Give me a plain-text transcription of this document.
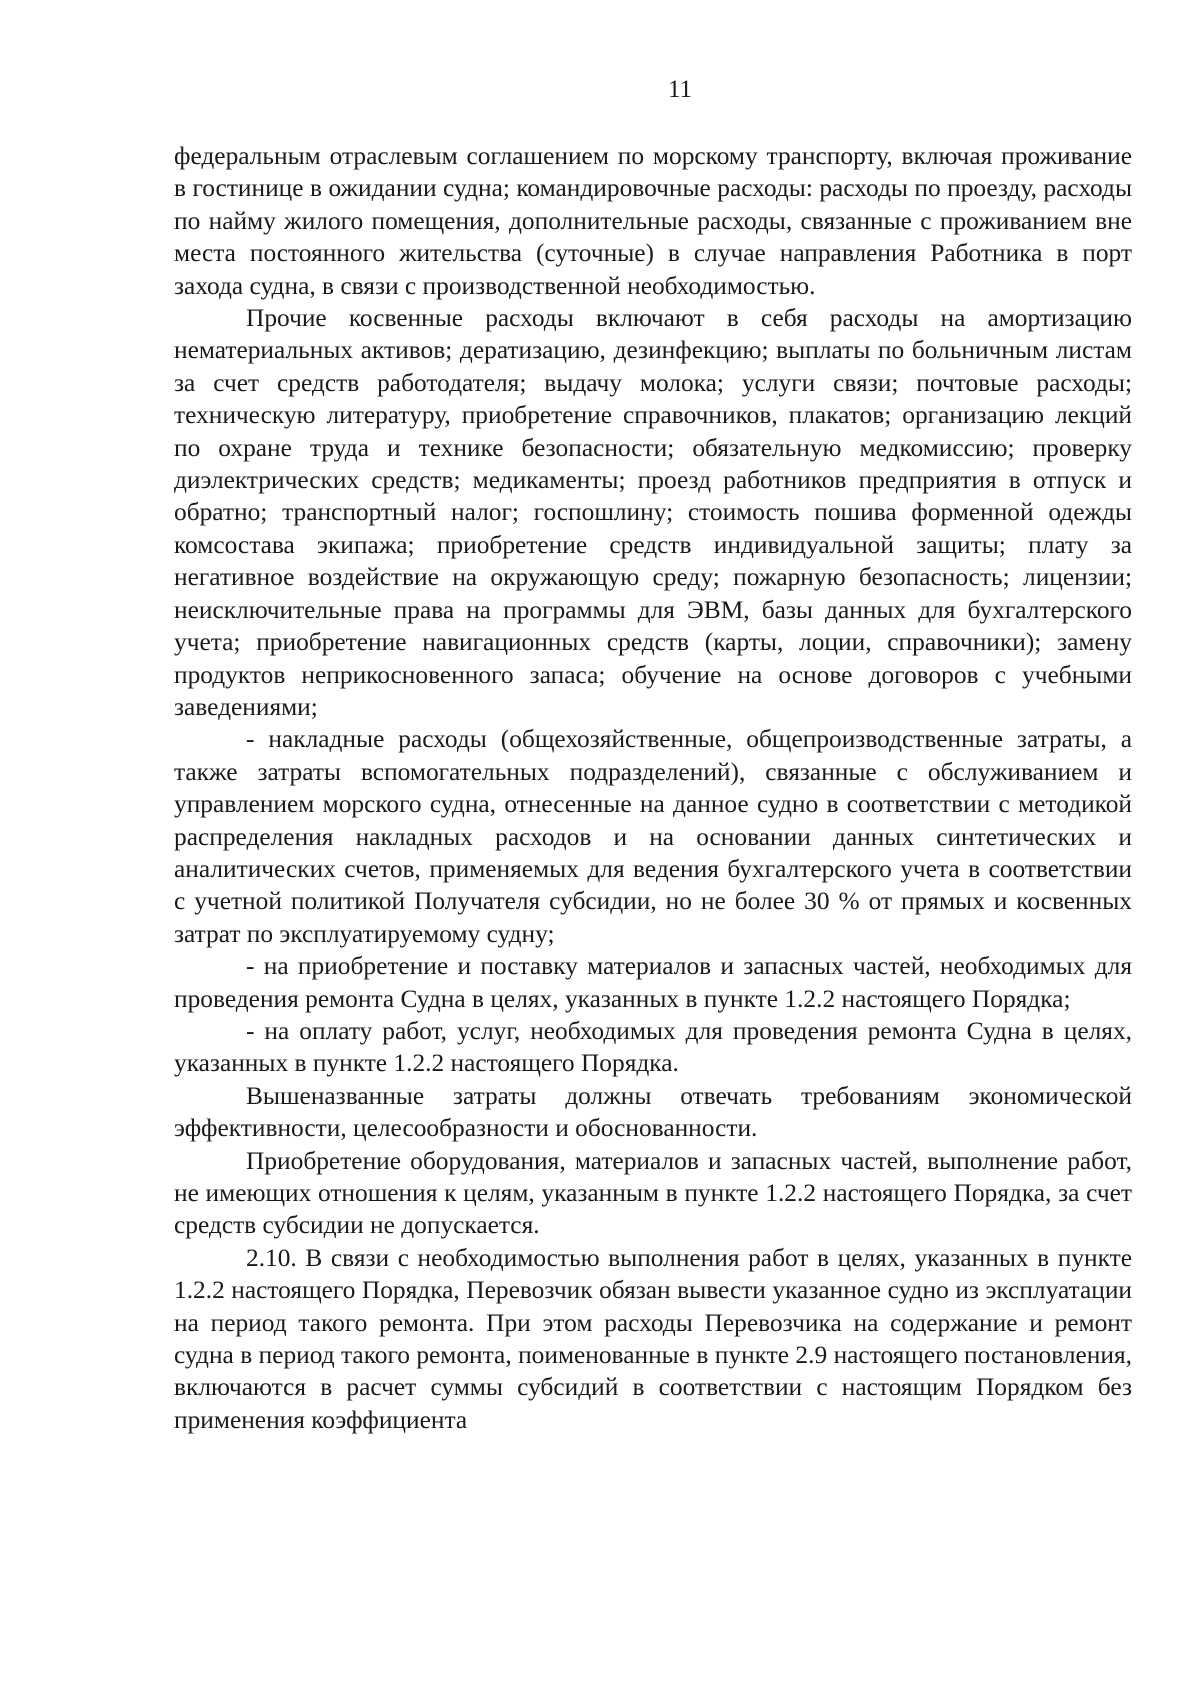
11

федеральным отраслевым соглашением по морскому транспорту, включая проживание в гостинице в ожидании судна; командировочные расходы: расходы по проезду, расходы по найму жилого помещения, дополнительные расходы, связанные с проживанием вне места постоянного жительства (суточные) в случае направления Работника в порт захода судна, в связи с производственной необходимостью.

Прочие косвенные расходы включают в себя расходы на амортизацию нематериальных активов; дератизацию, дезинфекцию; выплаты по больничным листам за счет средств работодателя; выдачу молока; услуги связи; почтовые расходы; техническую литературу, приобретение справочников, плакатов; организацию лекций по охране труда и технике безопасности; обязательную медкомиссию; проверку диэлектрических средств; медикаменты; проезд работников предприятия в отпуск и обратно; транспортный налог; госпошлину; стоимость пошива форменной одежды комсостава экипажа; приобретение средств индивидуальной защиты; плату за негативное воздействие на окружающую среду; пожарную безопасность; лицензии; неисключительные права на программы для ЭВМ, базы данных для бухгалтерского учета; приобретение навигационных средств (карты, лоции, справочники); замену продуктов неприкосновенного запаса; обучение на основе договоров с учебными заведениями;

- накладные расходы (общехозяйственные, общепроизводственные затраты, а также затраты вспомогательных подразделений), связанные с обслуживанием и управлением морского судна, отнесенные на данное судно в соответствии с методикой распределения накладных расходов и на основании данных синтетических и аналитических счетов, применяемых для ведения бухгалтерского учета в соответствии с учетной политикой Получателя субсидии, но не более 30 % от прямых и косвенных затрат по эксплуатируемому судну;

- на приобретение и поставку материалов и запасных частей, необходимых для проведения ремонта Судна в целях, указанных в пункте 1.2.2 настоящего Порядка;

- на оплату работ, услуг, необходимых для проведения ремонта Судна в целях, указанных в пункте 1.2.2 настоящего Порядка.

Вышеназванные затраты должны отвечать требованиям экономической эффективности, целесообразности и обоснованности.

Приобретение оборудования, материалов и запасных частей, выполнение работ, не имеющих отношения к целям, указанным в пункте 1.2.2 настоящего Порядка, за счет средств субсидии не допускается.

2.10. В связи с необходимостью выполнения работ в целях, указанных в пункте 1.2.2 настоящего Порядка, Перевозчик обязан вывести указанное судно из эксплуатации на период такого ремонта. При этом расходы Перевозчика на содержание и ремонт судна в период такого ремонта, поименованные в пункте 2.9 настоящего постановления, включаются в расчет суммы субсидий в соответствии с настоящим Порядком без применения коэффициента
